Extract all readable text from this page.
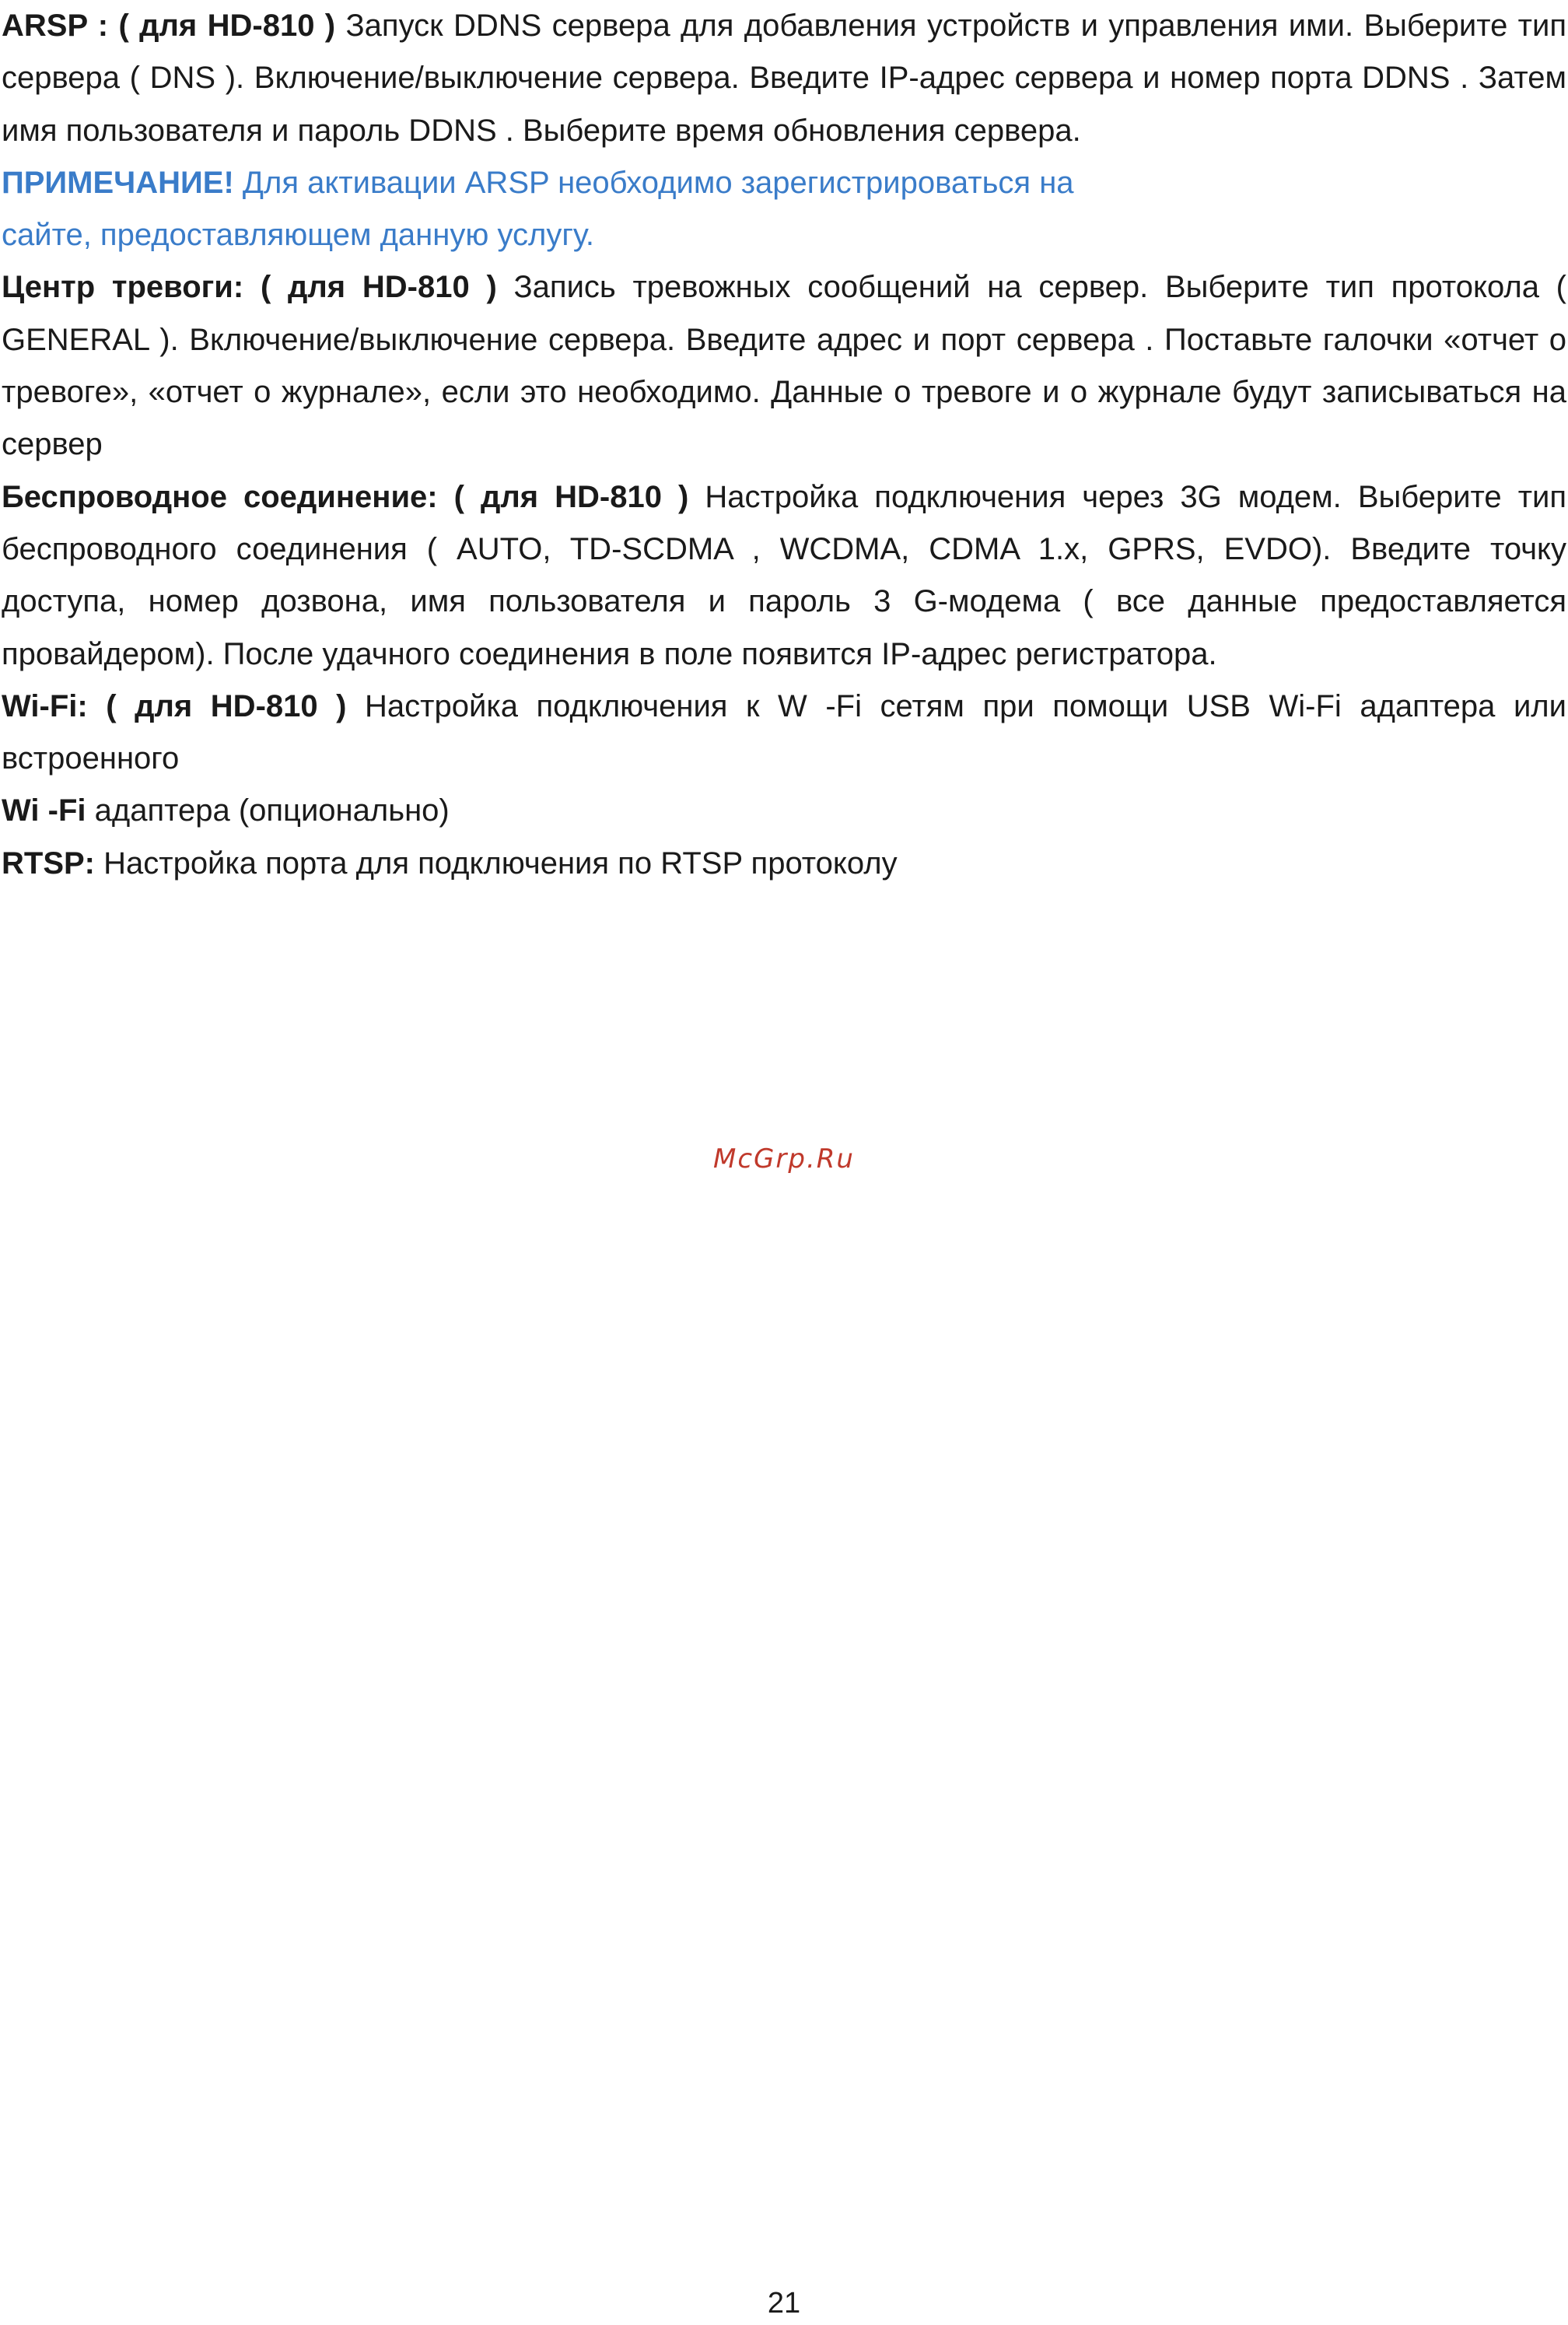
ARSP : ( для HD-810 ) Запуск DDNS сервера для добавления устройств и управления ими. Выберите тип сервера ( DNS ). Включение/выключение сервера. Введите IP-адрес сервера и номер порта DDNS . Затем имя пользователя и пароль DDNS . Выберите время обновления сервера.

ПРИМЕЧАНИЕ! Для активации ARSP необходимо зарегистрироваться на
сайте, предоставляющем данную услугу.

Центр тревоги: ( для HD-810 ) Запись тревожных сообщений на сервер. Выберите тип протокола ( GENERAL ). Включение/выключение сервера. Введите адрес и порт сервера . Поставьте галочки «отчет о тревоге», «отчет о журнале», если это необходимо. Данные о тревоге и о журнале будут записываться на сервер

Беспроводное соединение: ( для HD-810 ) Настройка подключения через 3G модем. Выберите тип беспроводного соединения ( AUTO, TD-SCDMA , WCDMA, CDMA 1.x, GPRS, EVDO). Введите точку доступа, номер дозвона, имя пользователя и пароль 3 G-модема ( все данные предоставляется провайдером). После удачного соединения в поле появится IP-адрес регистратора.

Wi-Fi: ( для HD-810 ) Настройка подключения к W -Fi сетям при помощи USB Wi-Fi адаптера или встроенного

Wi -Fi адаптера (опционально)

RTSP: Настройка порта для подключения по RTSP протоколу

McGrp.Ru
21
